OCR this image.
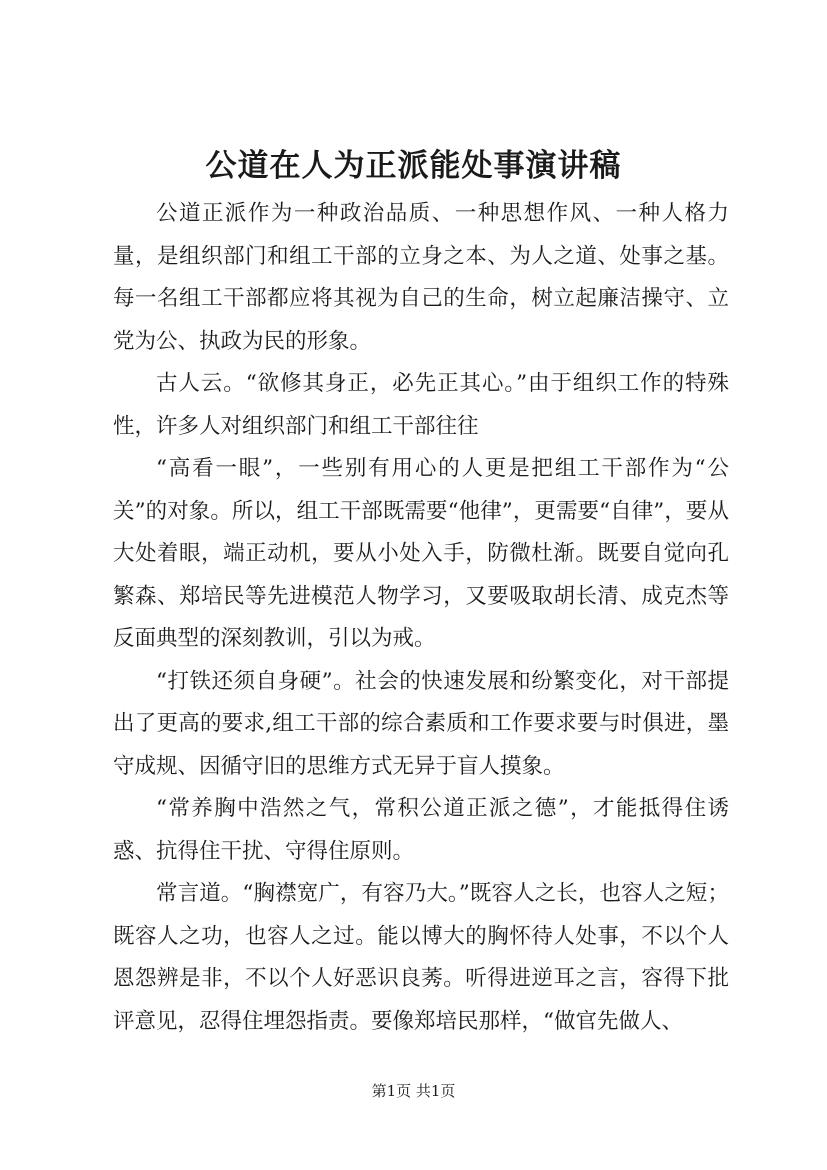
公道在人为正派能处事演讲稿

公道正派作为一种政治品质、一种思想作风、一种人格力量，是组织部门和组工干部的立身之本、为人之道、处事之基。每一名组工干部都应将其视为自己的生命，树立起廉洁操守、立党为公、执政为民的形象。

古人云。“欲修其身正，必先正其心。”由于组织工作的特殊性，许多人对组织部门和组工干部往往

“高看一眼”，一些别有用心的人更是把组工干部作为“公关”的对象。所以，组工干部既需要“他律”，更需要“自律”，要从大处着眼，端正动机，要从小处入手，防微杜渐。既要自觉向孔繁森、郑培民等先进模范人物学习，又要吸取胡长清、成克杰等反面典型的深刻教训，引以为戒。

“打铁还须自身硬”。社会的快速发展和纷繁变化，对干部提出了更高的要求,组工干部的综合素质和工作要求要与时俱进，墨守成规、因循守旧的思维方式无异于盲人摸象。

“常养胸中浩然之气，常积公道正派之德”，才能抵得住诱惑、抗得住干扰、守得住原则。

常言道。“胸襟宽广，有容乃大。”既容人之长，也容人之短；既容人之功，也容人之过。能以博大的胸怀待人处事，不以个人恩怨辨是非，不以个人好恶识良莠。听得进逆耳之言，容得下批评意见，忍得住埋怨指责。要像郑培民那样，“做官先做人、

第1页 共1页
